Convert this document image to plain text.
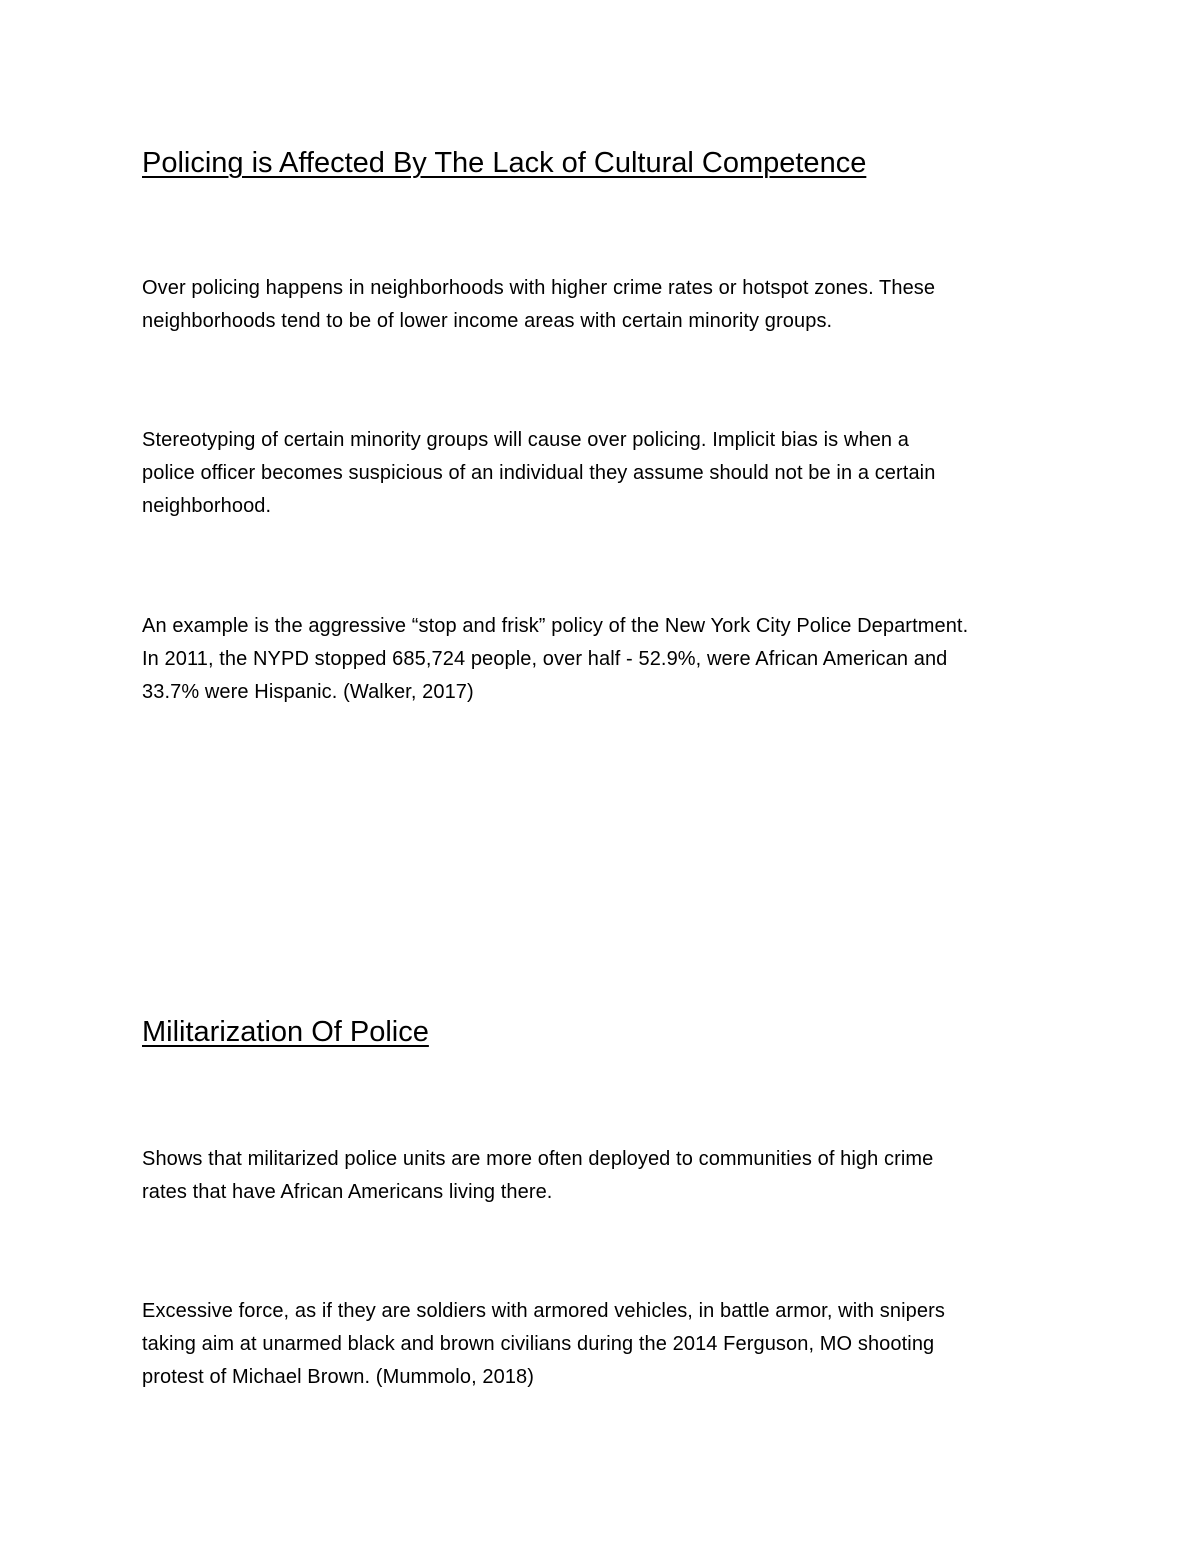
Policing is Affected By The Lack of Cultural Competence

Over policing happens in neighborhoods with higher crime rates or hotspot zones. These
neighborhoods tend to be of lower income areas with certain minority groups.

Stereotyping of certain minority groups will cause over policing. Implicit bias is when a
police officer becomes suspicious of an individual they assume should not be in a certain
neighborhood.

An example is the aggressive “stop and frisk” policy of the New York City Police Department.
In 2011, the NYPD stopped 685,724 people, over half - 52.9%, were African American and
33.7% were Hispanic. (Walker, 2017)

Militarization Of Police

Shows that militarized police units are more often deployed to communities of high crime
rates that have African Americans living there.

Excessive force, as if they are soldiers with armored vehicles, in battle armor, with snipers
taking aim at unarmed black and brown civilians during the 2014 Ferguson, MO shooting
protest of Michael Brown. (Mummolo, 2018)
